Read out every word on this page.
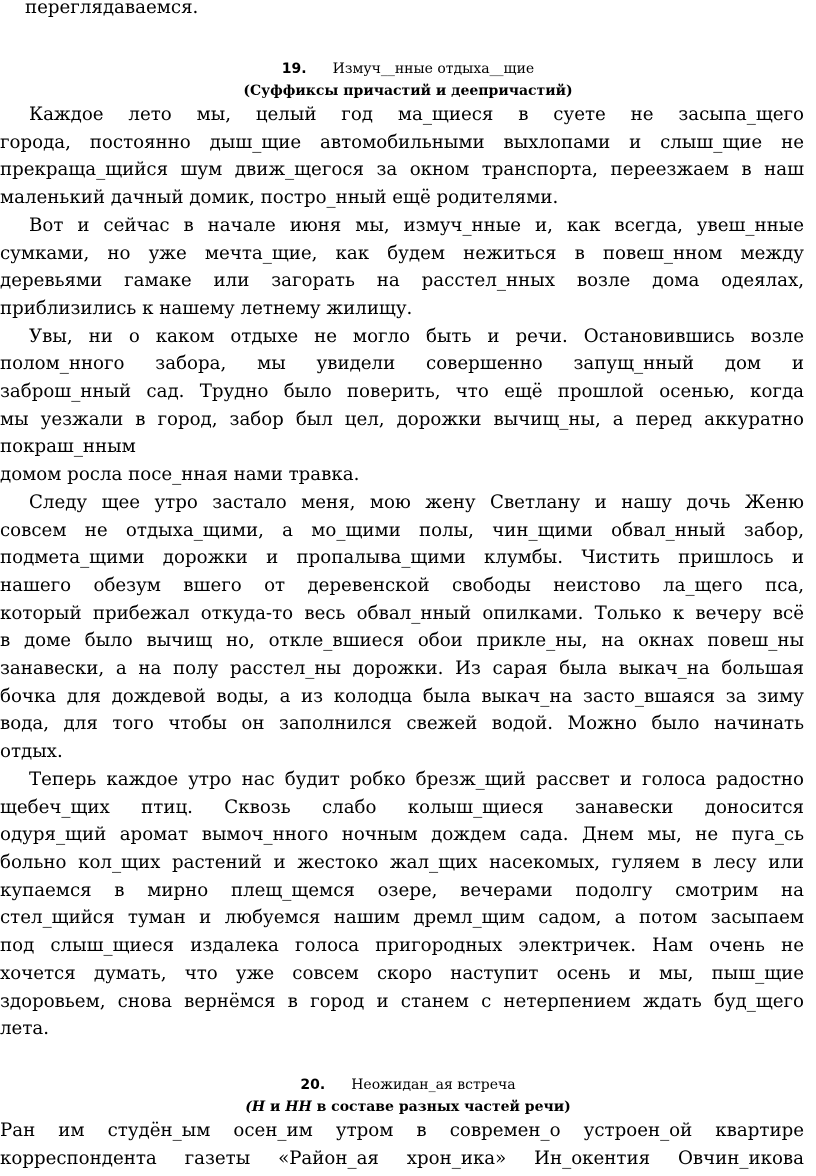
переглядаваемся.
19. Измуч__нные отдыха__щие
(Суффиксы причастий и деепричастий)
Каждое лето мы, целый год ма_щиеся в суете не засыпа_щего
города, постоянно дыш_щие автомобильными выхлопами и слыш_щие не
прекраща_щийся шум движ_щегося за окном транспорта, переезжаем в наш
маленький дачный домик, постро_нный ещё родителями.
Вот и сейчас в начале июня мы, измуч_нные и, как всегда, увеш_нные
сумками, но уже мечта_щие, как будем нежиться в повеш_нном между
деревьями гамаке или загорать на расстел_нных возле дома одеялах,
приблизились к нашему летнему жилищу.
Увы, ни о каком отдыхе не могло быть и речи. Остановившись возле
полом_нного забора, мы увидели совершенно запущ_нный дом и
заброш_нный сад. Трудно было поверить, что ещё прошлой осенью, когда
мы уезжали в город, забор был цел, дорожки вычищ_ны, а перед аккуратно
покраш_нным
домом росла посе_нная нами травка.
Следу щее утро застало меня, мою жену Светлану и нашу дочь Женю
совсем не отдыха_щими, а мо_щими полы, чин_щими обвал_нный забор,
подмета_щими дорожки и пропалыва_щими клумбы. Чистить пришлось и
нашего обезум вшего от деревенской свободы неистово ла_щего пса,
который прибежал откуда-то весь обвал_нный опилками. Только к вечеру всё
в доме было вычищ но, откле_вшиеся обои прикле_ны, на окнах повеш_ны
занавески, а на полу расстел_ны дорожки. Из сарая была выкач_на большая
бочка для дождевой воды, а из колодца была выкач_на засто_вшаяся за зиму
вода, для того чтобы он заполнился свежей водой. Можно было начинать
отдых.
Теперь каждое утро нас будит робко брезж_щий рассвет и голоса радостно
щебеч_щих птиц. Сквозь слабо колыш_щиеся занавески доносится
одуря_щий аромат вымоч_нного ночным дождем сада. Днем мы, не пуга_сь
больно кол_щих растений и жестоко жал_щих насекомых, гуляем в лесу или
купаемся в мирно плещ_щемся озере, вечерами подолгу смотрим на
стел_щийся туман и любуемся нашим дремл_щим садом, а потом засыпаем
под слыш_щиеся издалека голоса пригородных электричек. Нам очень не
хочется думать, что уже совсем скоро наступит осень и мы, пыш_щие
здоровьем, снова вернёмся в город и станем с нетерпением ждать буд_щего
лета.
20. Неожидан_ая встреча
(Н и НН в составе разных частей речи)
Ран им студён_ым осен_им утром в современ_о устроен_ой квартире
корреспондента газеты «Район_ая хрон_ика» Ин_окентия Овчин_икова
